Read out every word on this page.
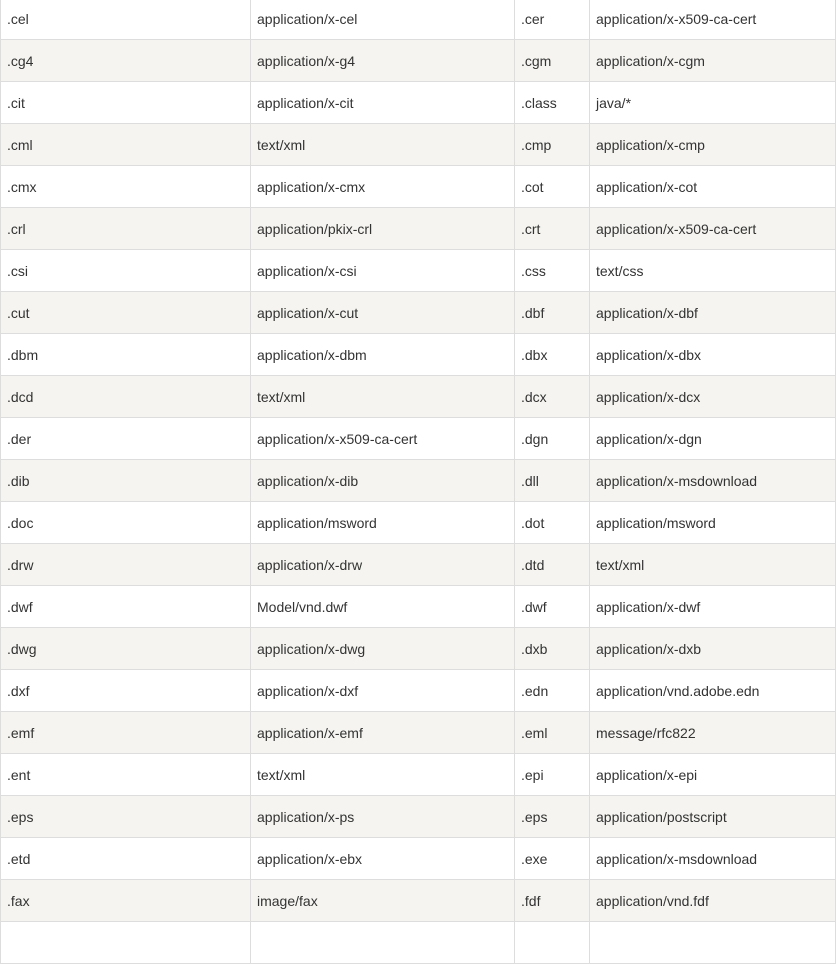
.cel	application/x-cel	.cer	application/x-x509-ca-cert
.cg4	application/x-g4	.cgm	application/x-cgm
.cit	application/x-cit	.class	java/*
.cml	text/xml	.cmp	application/x-cmp
.cmx	application/x-cmx	.cot	application/x-cot
.crl	application/pkix-crl	.crt	application/x-x509-ca-cert
.csi	application/x-csi	.css	text/css
.cut	application/x-cut	.dbf	application/x-dbf
.dbm	application/x-dbm	.dbx	application/x-dbx
.dcd	text/xml	.dcx	application/x-dcx
.der	application/x-x509-ca-cert	.dgn	application/x-dgn
.dib	application/x-dib	.dll	application/x-msdownload
.doc	application/msword	.dot	application/msword
.drw	application/x-drw	.dtd	text/xml
.dwf	Model/vnd.dwf	.dwf	application/x-dwf
.dwg	application/x-dwg	.dxb	application/x-dxb
.dxf	application/x-dxf	.edn	application/vnd.adobe.edn
.emf	application/x-emf	.eml	message/rfc822
.ent	text/xml	.epi	application/x-epi
.eps	application/x-ps	.eps	application/postscript
.etd	application/x-ebx	.exe	application/x-msdownload
.fax	image/fax	.fdf	application/vnd.fdf
